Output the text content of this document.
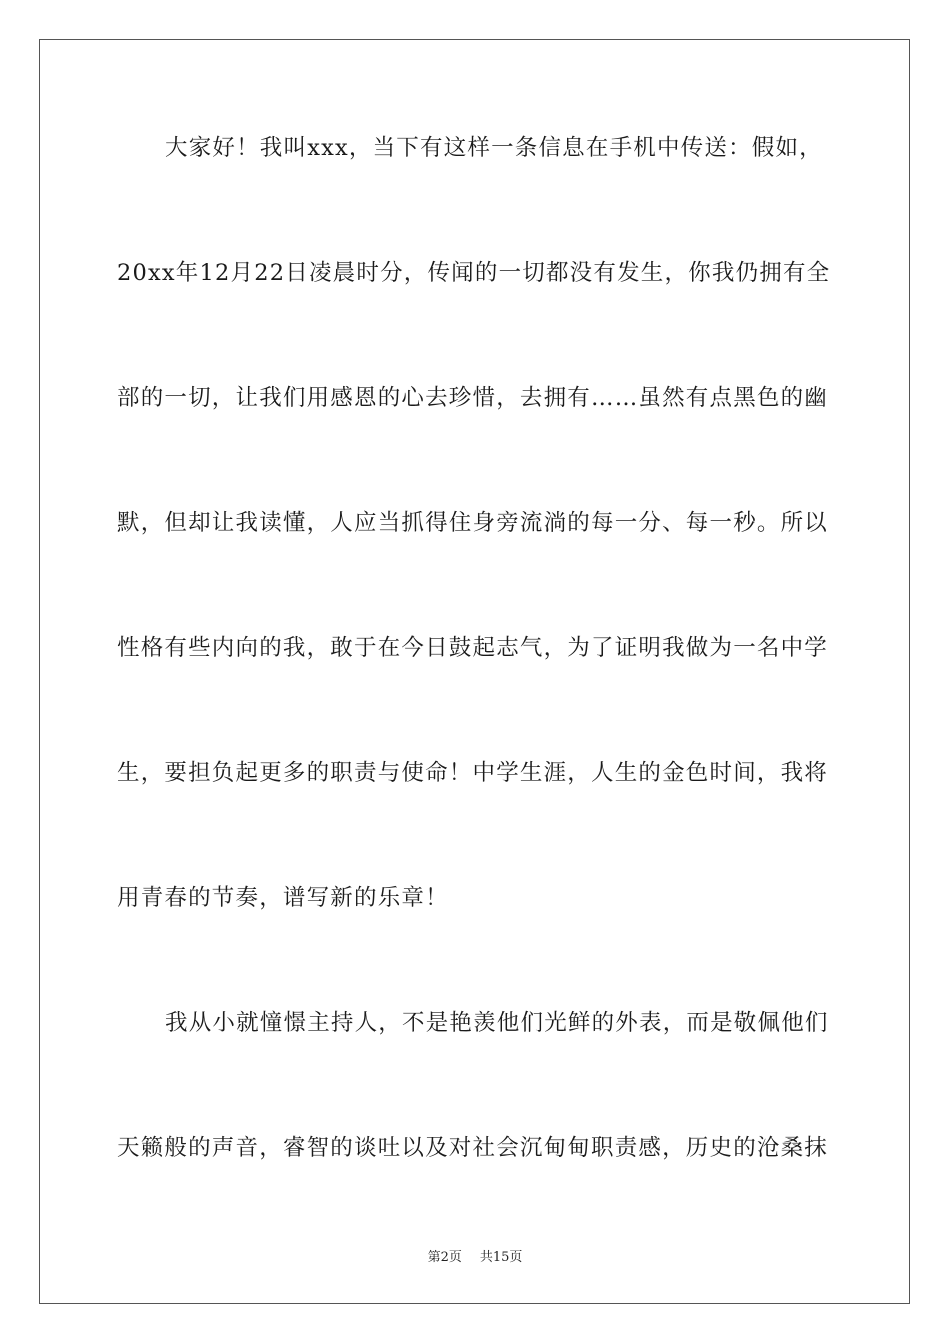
大家好！我叫xxx，当下有这样一条信息在手机中传送：假如，
20xx年12月22日凌晨时分，传闻的一切都没有发生，你我仍拥有全
部的一切，让我们用感恩的心去珍惜，去拥有……虽然有点黑色的幽
默，但却让我读懂，人应当抓得住身旁流淌的每一分、每一秒。所以
性格有些内向的我，敢于在今日鼓起志气，为了证明我做为一名中学
生，要担负起更多的职责与使命！中学生涯，人生的金色时间，我将
用青春的节奏，谱写新的乐章！
我从小就憧憬主持人，不是艳羡他们光鲜的外表，而是敬佩他们
天籁般的声音，睿智的谈吐以及对社会沉甸甸职责感，历史的沧桑抹
第2页 共15页
